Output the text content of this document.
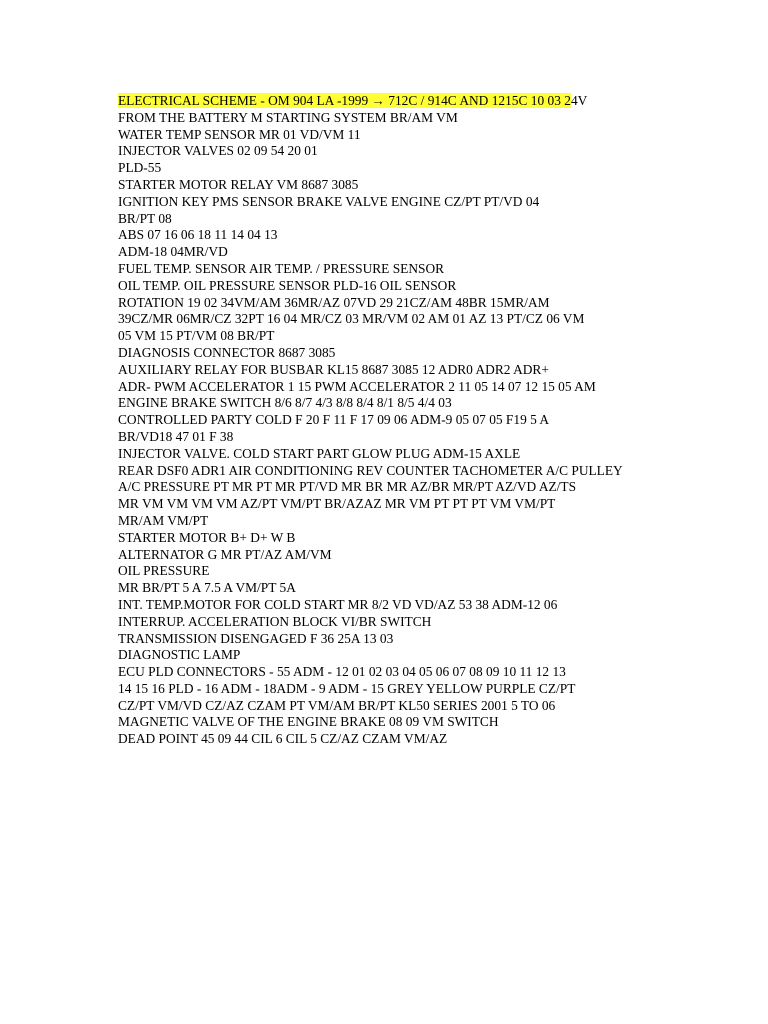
ELECTRICAL SCHEME - OM 904 LA -1999 → 712C / 914C AND 1215C 10 03 24V
FROM THE BATTERY M STARTING SYSTEM BR/AM VM
WATER TEMP SENSOR MR 01 VD/VM 11
INJECTOR VALVES 02 09 54 20 01
PLD-55
STARTER MOTOR RELAY VM 8687 3085
IGNITION KEY PMS SENSOR BRAKE VALVE ENGINE CZ/PT PT/VD 04
BR/PT 08
ABS 07 16 06 18 11 14 04 13
ADM-18 04MR/VD
FUEL TEMP. SENSOR AIR TEMP. / PRESSURE SENSOR
OIL TEMP. OIL PRESSURE SENSOR PLD-16 OIL SENSOR
ROTATION 19 02 34VM/AM 36MR/AZ 07VD 29 21CZ/AM 48BR 15MR/AM
39CZ/MR 06MR/CZ 32PT 16 04 MR/CZ 03 MR/VM 02 AM 01 AZ 13 PT/CZ 06 VM
05 VM 15 PT/VM 08 BR/PT
DIAGNOSIS CONNECTOR 8687 3085
AUXILIARY RELAY FOR BUSBAR KL15 8687 3085 12 ADR0 ADR2 ADR+
ADR- PWM ACCELERATOR 1 15 PWM ACCELERATOR 2 11 05 14 07 12 15 05 AM
ENGINE BRAKE SWITCH 8/6 8/7 4/3 8/8 8/4 8/1 8/5 4/4 03
CONTROLLED PARTY COLD F 20 F 11 F 17 09 06 ADM-9 05 07 05 F19 5 A
BR/VD18 47 01 F 38
INJECTOR VALVE. COLD START PART GLOW PLUG ADM-15 AXLE
REAR DSF0 ADR1 AIR CONDITIONING REV COUNTER TACHOMETER A/C PULLEY
A/C PRESSURE PT MR PT MR PT/VD MR BR MR AZ/BR MR/PT AZ/VD AZ/TS
MR VM VM VM VM AZ/PT VM/PT BR/AZAZ MR VM PT PT PT VM VM/PT
MR/AM VM/PT
STARTER MOTOR B+ D+ W B
ALTERNATOR G MR PT/AZ AM/VM
OIL PRESSURE
MR BR/PT 5 A 7.5 A VM/PT 5A
INT. TEMP.MOTOR FOR COLD START MR 8/2 VD VD/AZ 53 38 ADM-12 06
INTERRUP. ACCELERATION BLOCK VI/BR SWITCH
TRANSMISSION DISENGAGED F 36 25A 13 03
DIAGNOSTIC LAMP
ECU PLD CONNECTORS - 55 ADM - 12 01 02 03 04 05 06 07 08 09 10 11 12 13
14 15 16 PLD - 16 ADM - 18ADM - 9 ADM - 15 GREY YELLOW PURPLE CZ/PT
CZ/PT VM/VD CZ/AZ CZAM PT VM/AM BR/PT KL50 SERIES 2001 5 TO 06
MAGNETIC VALVE OF THE ENGINE BRAKE 08 09 VM SWITCH
DEAD POINT 45 09 44 CIL 6 CIL 5 CZ/AZ CZAM VM/AZ
